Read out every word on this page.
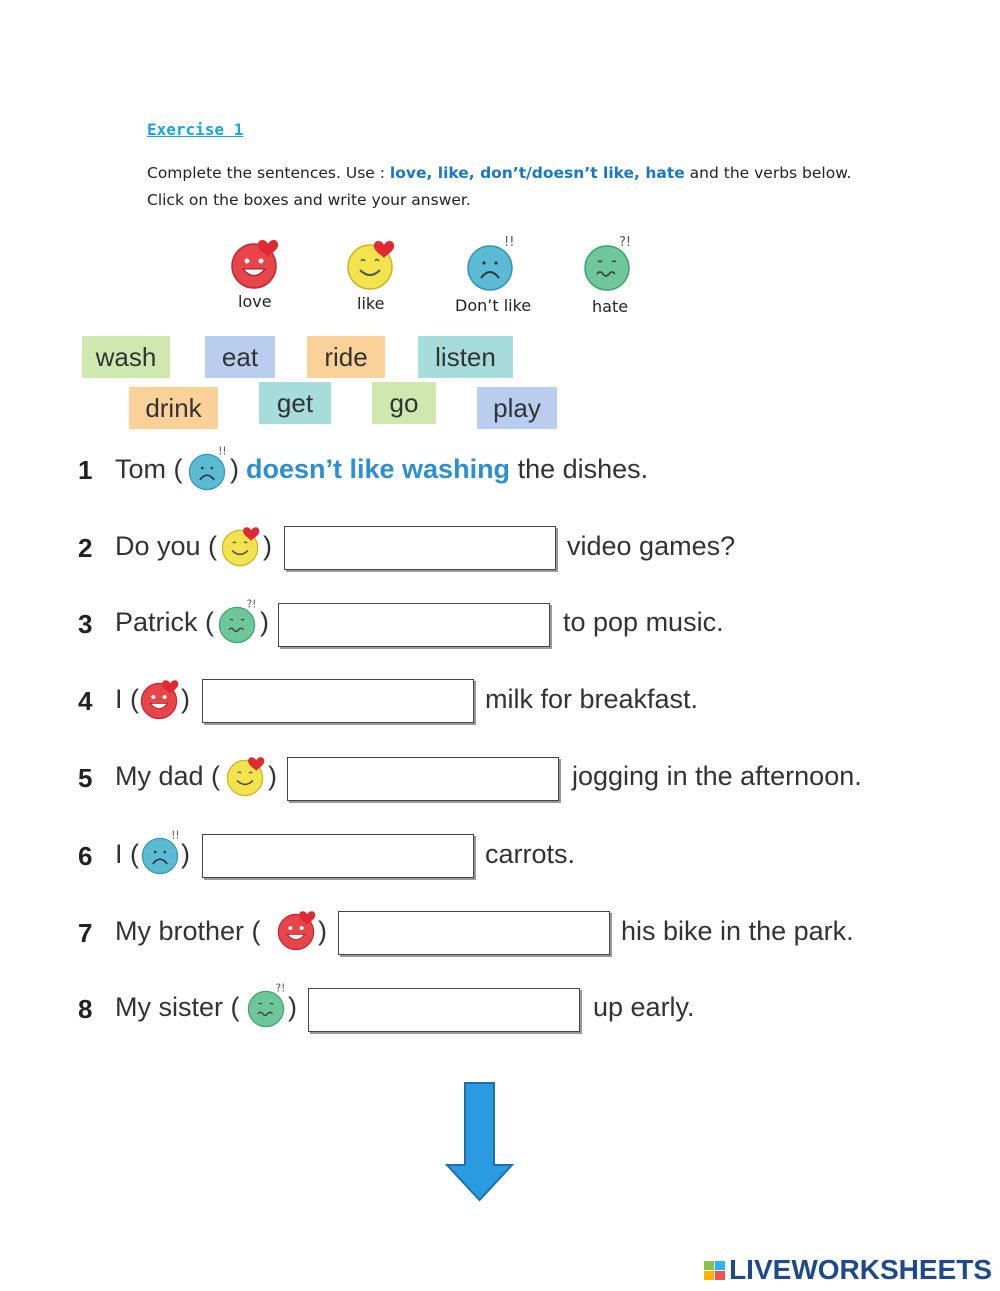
Exercise 1
Complete the sentences. Use : love, like, don’t/doesn’t like, hate and the verbs below. Click on the boxes and write your answer.
love	like	Don’t like	hate
wash	eat	ride	listen
drink	get	go	play
1 Tom ( ) doesn’t like washing the dishes.
2 Do you ( )	video games?
3 Patrick ( )	to pop music.
4 I ( )	milk for breakfast.
5 My dad ( )	jogging in the afternoon.
6 I ( )	carrots.
7 My brother ( )	his bike in the park.
8 My sister ( )	up early.
LIVEWORKSHEETS
